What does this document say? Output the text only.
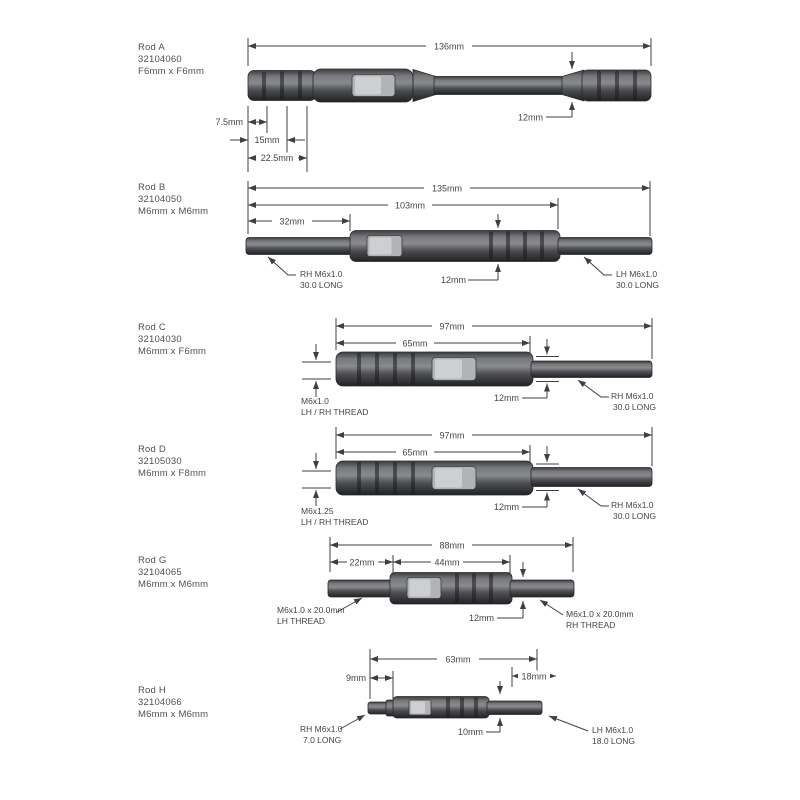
Rod A
32104060
F6mm x F6mm
136mm
12mm
7.5mm
15mm
22.5mm
Rod B
32104050
M6mm x M6mm
135mm
103mm
32mm
12mm
RH M6x1.0
30.0 LONG
LH M6x1.0
30.0 LONG
Rod C
32104030
M6mm x F6mm
97mm
65mm
M6x1.0
LH / RH THREAD
12mm	RH M6x1.0
30.0 LONG
Rod D
32105030
M6mm x F8mm
97mm
65mm
M6x1.25
LH / RH THREAD
12mm	RH M6x1.0
30.0 LONG
Rod G
32104065
M6mm x M6mm
88mm
22mm	44mm
12mm
M6x1.0 x 20.0mm
LH THREAD
M6x1.0 x 20.0mm
RH THREAD
Rod H
32104066
M6mm x M6mm
63mm
9mm	18mm
10mm
RH M6x1.0
7.0 LONG
LH M6x1.0
18.0 LONG
